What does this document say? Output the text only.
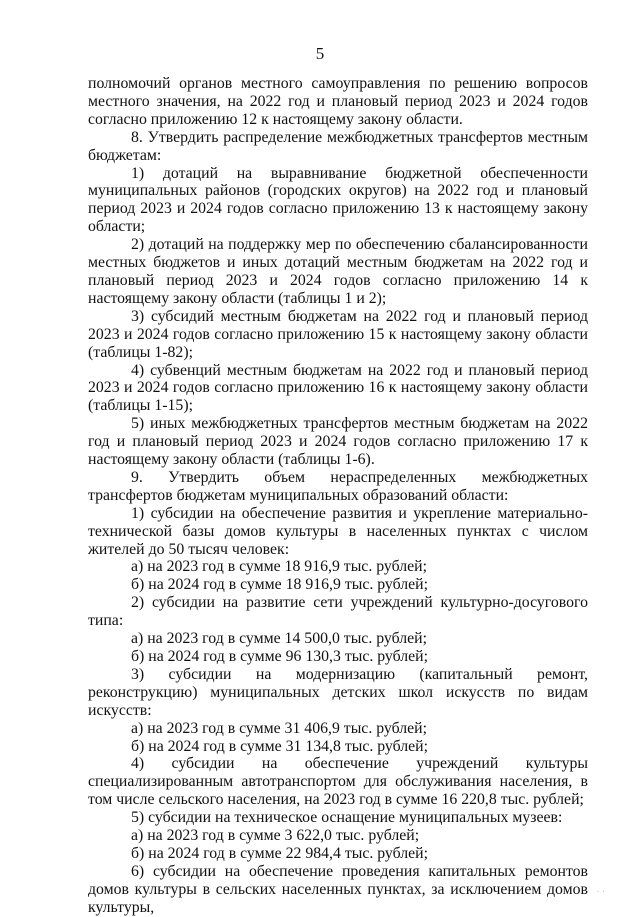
5

полномочий органов местного самоуправления по решению вопросов местного значения, на 2022 год и плановый период 2023 и 2024 годов согласно приложению 12 к настоящему закону области.

8. Утвердить распределение межбюджетных трансфертов местным бюджетам:

1) дотаций на выравнивание бюджетной обеспеченности муниципальных районов (городских округов) на 2022 год и плановый период 2023 и 2024 годов согласно приложению 13 к настоящему закону области;

2) дотаций на поддержку мер по обеспечению сбалансированности местных бюджетов и иных дотаций местным бюджетам на 2022 год и плановый период 2023 и 2024 годов согласно приложению 14 к настоящему закону области (таблицы 1 и 2);

3) субсидий местным бюджетам на 2022 год и плановый период 2023 и 2024 годов согласно приложению 15 к настоящему закону области (таблицы 1-82);

4) субвенций местным бюджетам на 2022 год и плановый период 2023 и 2024 годов согласно приложению 16 к настоящему закону области (таблицы 1-15);

5) иных межбюджетных трансфертов местным бюджетам на 2022 год и плановый период 2023 и 2024 годов согласно приложению 17 к настоящему закону области (таблицы 1-6).

9. Утвердить объем нераспределенных межбюджетных трансфертов бюджетам муниципальных образований области:

1) субсидии на обеспечение развития и укрепление материально-технической базы домов культуры в населенных пунктах с числом жителей до 50 тысяч человек:

а) на 2023 год в сумме 18 916,9 тыс. рублей;

б) на 2024 год в сумме 18 916,9 тыс. рублей;

2) субсидии на развитие сети учреждений культурно-досугового типа:

а) на 2023 год в сумме 14 500,0 тыс. рублей;

б) на 2024 год в сумме 96 130,3 тыс. рублей;

3) субсидии на модернизацию (капитальный ремонт, реконструкцию) муниципальных детских школ искусств по видам искусств:

а) на 2023 год в сумме 31 406,9 тыс. рублей;

б) на 2024 год в сумме 31 134,8 тыс. рублей;

4) субсидии на обеспечение учреждений культуры специализированным автотранспортом для обслуживания населения, в том числе сельского населения, на 2023 год в сумме 16 220,8 тыс. рублей;

5) субсидии на техническое оснащение муниципальных музеев:

а) на 2023 год в сумме 3 622,0 тыс. рублей;

б) на 2024 год в сумме 22 984,4 тыс. рублей;

6) субсидии на обеспечение проведения капитальных ремонтов домов культуры в сельских населенных пунктах, за исключением домов культуры,

· ·
